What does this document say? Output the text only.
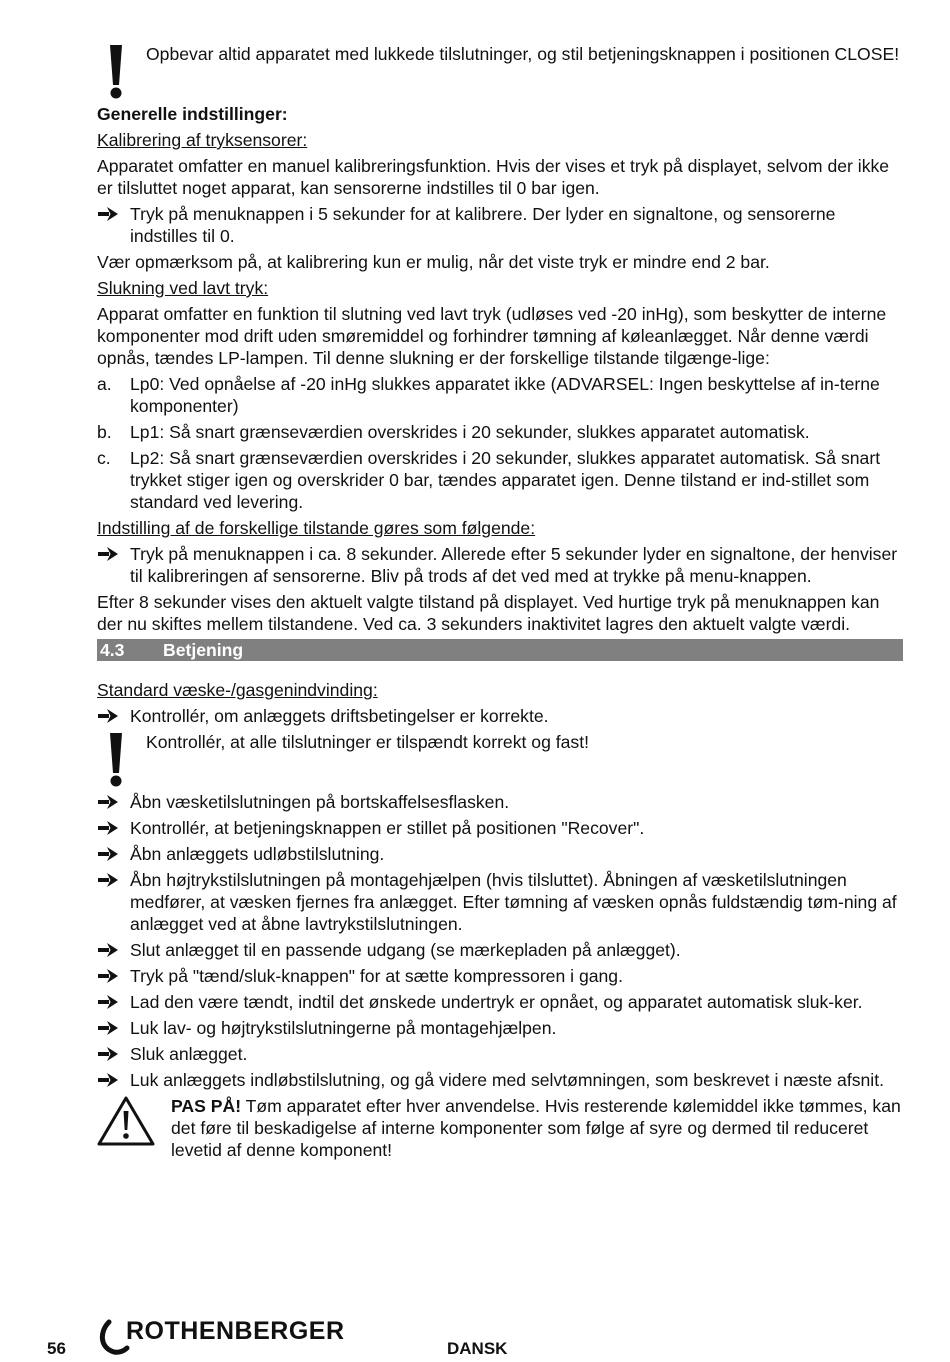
Opbevar altid apparatet med lukkede tilslutninger, og stil betjeningsknappen i positionen CLOSE!

Generelle indstillinger:

Kalibrering af tryksensorer:

Apparatet omfatter en manuel kalibreringsfunktion. Hvis der vises et tryk på displayet, selvom der ikke er tilsluttet noget apparat, kan sensorerne indstilles til 0 bar igen.

Tryk på menuknappen i 5 sekunder for at kalibrere. Der lyder en signaltone, og sensorerne indstilles til 0.

Vær opmærksom på, at kalibrering kun er mulig, når det viste tryk er mindre end 2 bar.

Slukning ved lavt tryk:

Apparat omfatter en funktion til slutning ved lavt tryk (udløses ved -20 inHg), som beskytter de interne komponenter mod drift uden smøremiddel og forhindrer tømning af køleanlægget. Når denne værdi opnås, tændes LP-lampen. Til denne slukning er der forskellige tilstande tilgænge-lige:

a. Lp0: Ved opnåelse af -20 inHg slukkes apparatet ikke (ADVARSEL: Ingen beskyttelse af in-terne komponenter)

b. Lp1: Så snart grænseværdien overskrides i 20 sekunder, slukkes apparatet automatisk.

c. Lp2: Så snart grænseværdien overskrides i 20 sekunder, slukkes apparatet automatisk. Så snart trykket stiger igen og overskrider 0 bar, tændes apparatet igen. Denne tilstand er ind-stillet som standard ved levering.

Indstilling af de forskellige tilstande gøres som følgende:

Tryk på menuknappen i ca. 8 sekunder. Allerede efter 5 sekunder lyder en signaltone, der henviser til kalibreringen af sensorerne. Bliv på trods af det ved med at trykke på menu-knappen.

Efter 8 sekunder vises den aktuelt valgte tilstand på displayet. Ved hurtige tryk på menuknappen kan der nu skiftes mellem tilstandene. Ved ca. 3 sekunders inaktivitet lagres den aktuelt valgte værdi.

4.3 Betjening

Standard væske-/gasgenindvinding:

Kontrollér, om anlæggets driftsbetingelser er korrekte.

Kontrollér, at alle tilslutninger er tilspændt korrekt og fast!

Åbn væsketilslutningen på bortskaffelsesflasken.

Kontrollér, at betjeningsknappen er stillet på positionen "Recover".

Åbn anlæggets udløbstilslutning.

Åbn højtrykstilslutningen på montagehjælpen (hvis tilsluttet). Åbningen af væsketilslutningen medfører, at væsken fjernes fra anlægget. Efter tømning af væsken opnås fuldstændig tøm-ning af anlægget ved at åbne lavtrykstilslutningen.

Slut anlægget til en passende udgang (se mærkepladen på anlægget).

Tryk på "tænd/sluk-knappen" for at sætte kompressoren i gang.

Lad den være tændt, indtil det ønskede undertryk er opnået, og apparatet automatisk sluk-ker.

Luk lav- og højtrykstilslutningerne på montagehjælpen.

Sluk anlægget.

Luk anlæggets indløbstilslutning, og gå videre med selvtømningen, som beskrevet i næste afsnit.

PAS PÅ! Tøm apparatet efter hver anvendelse. Hvis resterende kølemiddel ikke tømmes, kan det føre til beskadigelse af interne komponenter som følge af syre og dermed til reduceret levetid af denne komponent!

56
ROTHENBERGER
DANSK
